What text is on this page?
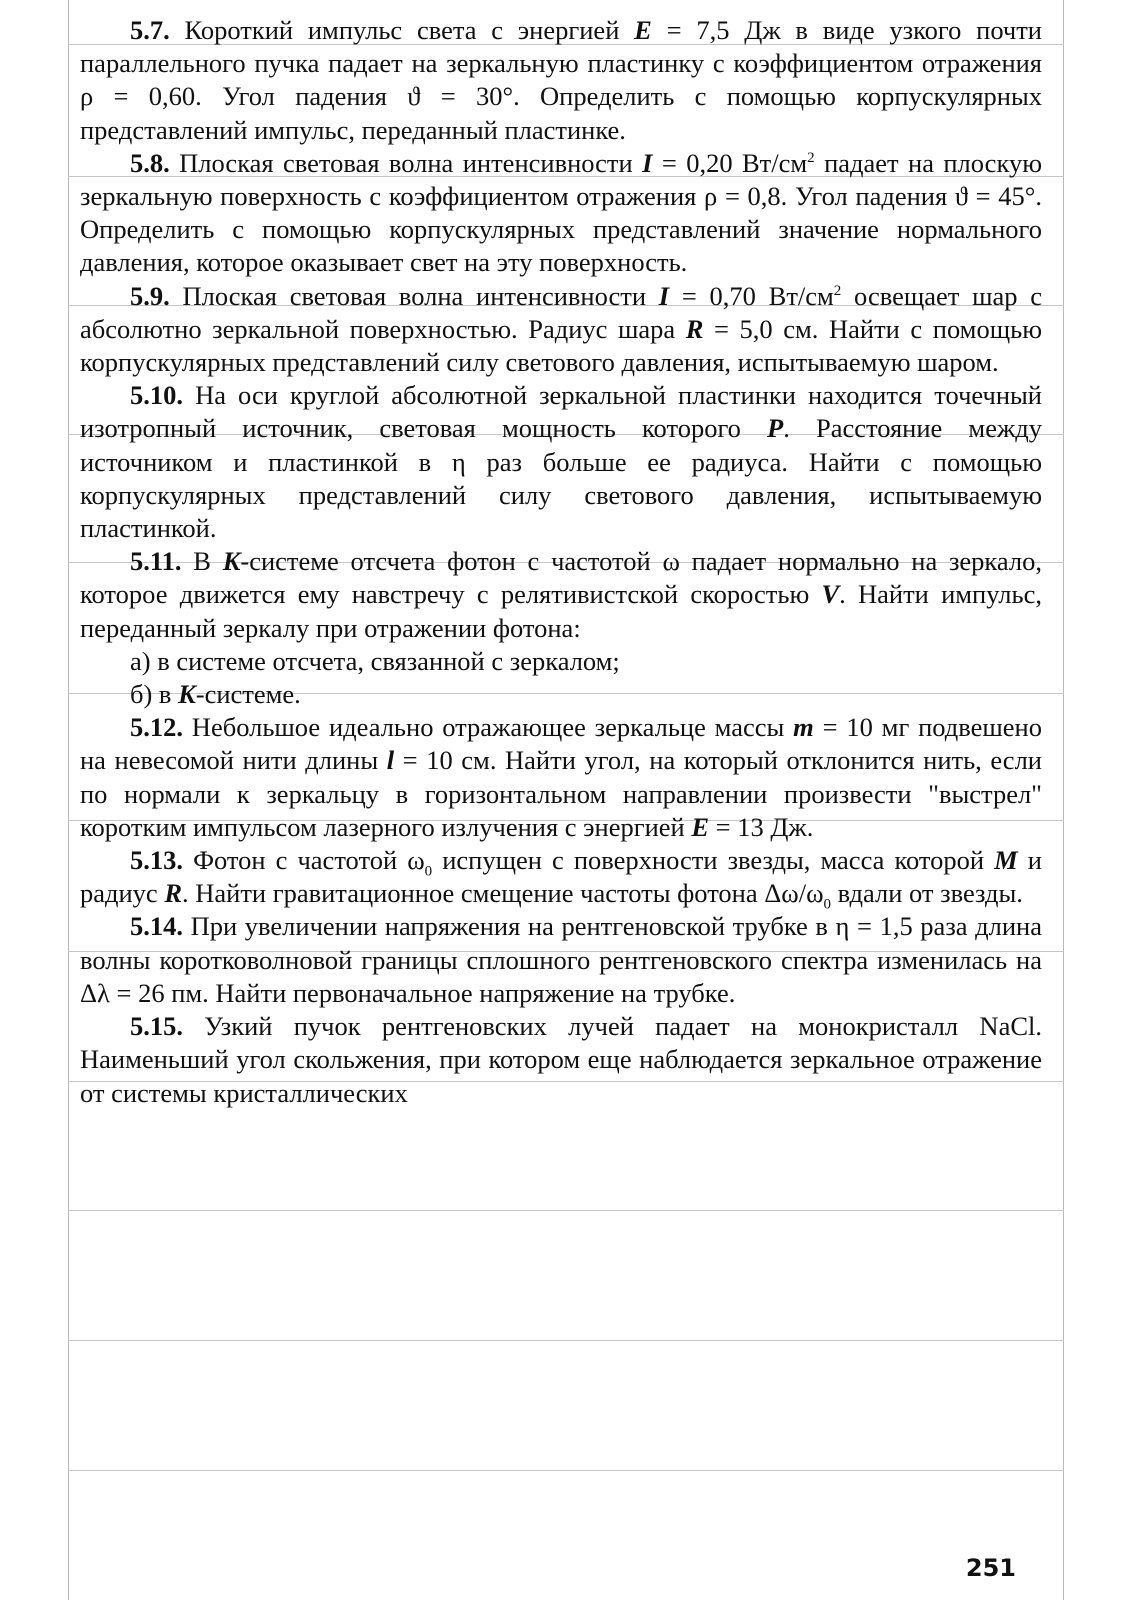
5.7. Короткий импульс света с энергией E = 7,5 Дж в виде узкого почти параллельного пучка падает на зеркальную пластинку с коэффициентом отражения ρ = 0,60. Угол падения ϑ = 30°. Определить с помощью корпускулярных представлений импульс, переданный пластинке.

5.8. Плоская световая волна интенсивности I = 0,20 $Вт/см^2$ падает на плоскую зеркальную поверхность с коэффициентом отражения ρ = 0,8. Угол падения ϑ = 45°. Определить с помощью корпускулярных представлений значение нормального давления, которое оказывает свет на эту поверхность.

5.9. Плоская световая волна интенсивности I = 0,70 $Вт/см^2$ освещает шар с абсолютно зеркальной поверхностью. Радиус шара R = 5,0 см. Найти с помощью корпускулярных представлений силу светового давления, испытываемую шаром.

5.10. На оси круглой абсолютной зеркальной пластинки находится точечный изотропный источник, световая мощность которого P. Расстояние между источником и пластинкой в η раз больше ее радиуса. Найти с помощью корпускулярных представлений силу светового давления, испытываемую пластинкой.

5.11. В K-системе отсчета фотон с частотой ω падает нормально на зеркало, которое движется ему навстречу с релятивистской скоростью V. Найти импульс, переданный зеркалу при отражении фотона:

а) в системе отсчета, связанной с зеркалом;

б) в K-системе.

5.12. Небольшое идеально отражающее зеркальце массы m = 10 мг подвешено на невесомой нити длины l = 10 см. Найти угол, на который отклонится нить, если по нормали к зеркальцу в горизонтальном направлении произвести "выстрел" коротким импульсом лазерного излучения с энергией E = 13 Дж.

5.13. Фотон с частотой $\omega_0$ испущен с поверхности звезды, масса которой M и радиус R. Найти гравитационное смещение частоты фотона $\Delta\omega/\omega_0$ вдали от звезды.

5.14. При увеличении напряжения на рентгеновской трубке в η = 1,5 раза длина волны коротковолновой границы сплошного рентгеновского спектра изменилась на Δλ = 26 пм. Найти первоначальное напряжение на трубке.

5.15. Узкий пучок рентгеновских лучей падает на монокристалл NaCl. Наименьший угол скольжения, при котором еще наблюдается зеркальное отражение от системы кристаллических

251
